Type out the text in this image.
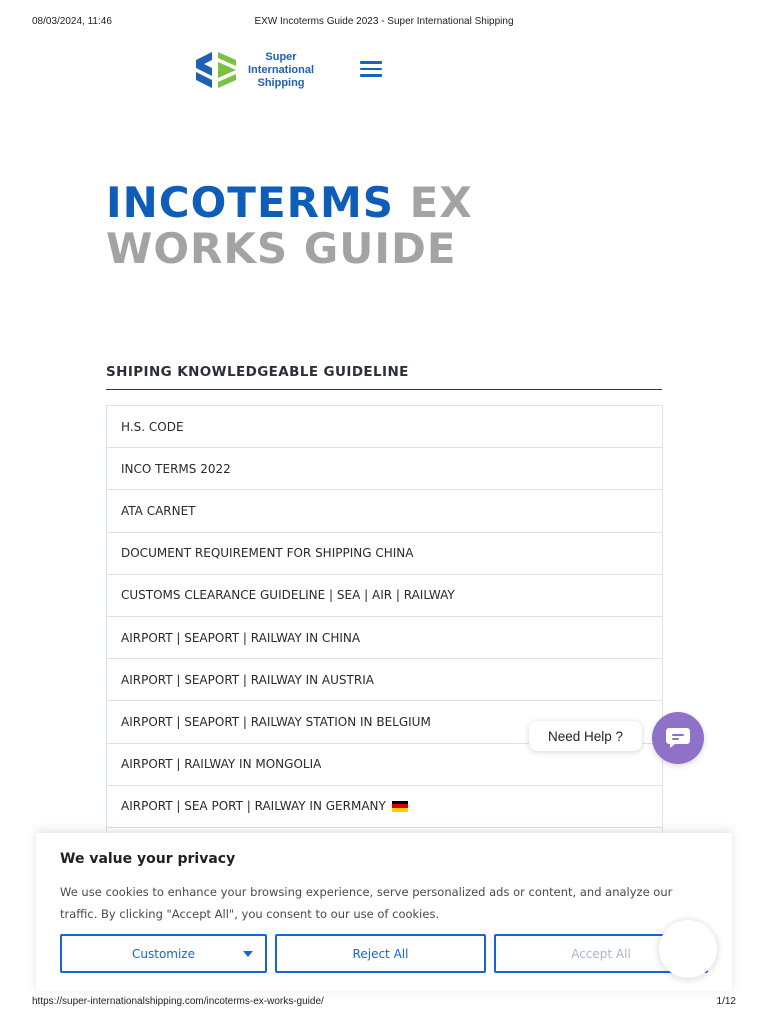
08/03/2024, 11:46	EXW Incoterms Guide 2023 - Super International Shipping
Super
International
Shipping
INCOTERMS EX WORKS GUIDE
SHIPING KNOWLEDGEABLE GUIDELINE
H.S. CODE
INCO TERMS 2022
ATA CARNET
DOCUMENT REQUIREMENT FOR SHIPPING CHINA
CUSTOMS CLEARANCE GUIDELINE | SEA | AIR | RAILWAY
AIRPORT | SEAPORT | RAILWAY IN CHINA
AIRPORT | SEAPORT | RAILWAY IN AUSTRIA
AIRPORT | SEAPORT | RAILWAY STATION IN BELGIUM
AIRPORT | RAILWAY IN MONGOLIA
AIRPORT | SEA PORT | RAILWAY IN GERMANY
Need Help ?
We value your privacy

We use cookies to enhance your browsing experience, serve personalized ads or content, and analyze our traffic. By clicking "Accept All", you consent to our use of cookies.

Customize	Reject All	Accept All
https://super-internationalshipping.com/incoterms-ex-works-guide/	1/12
